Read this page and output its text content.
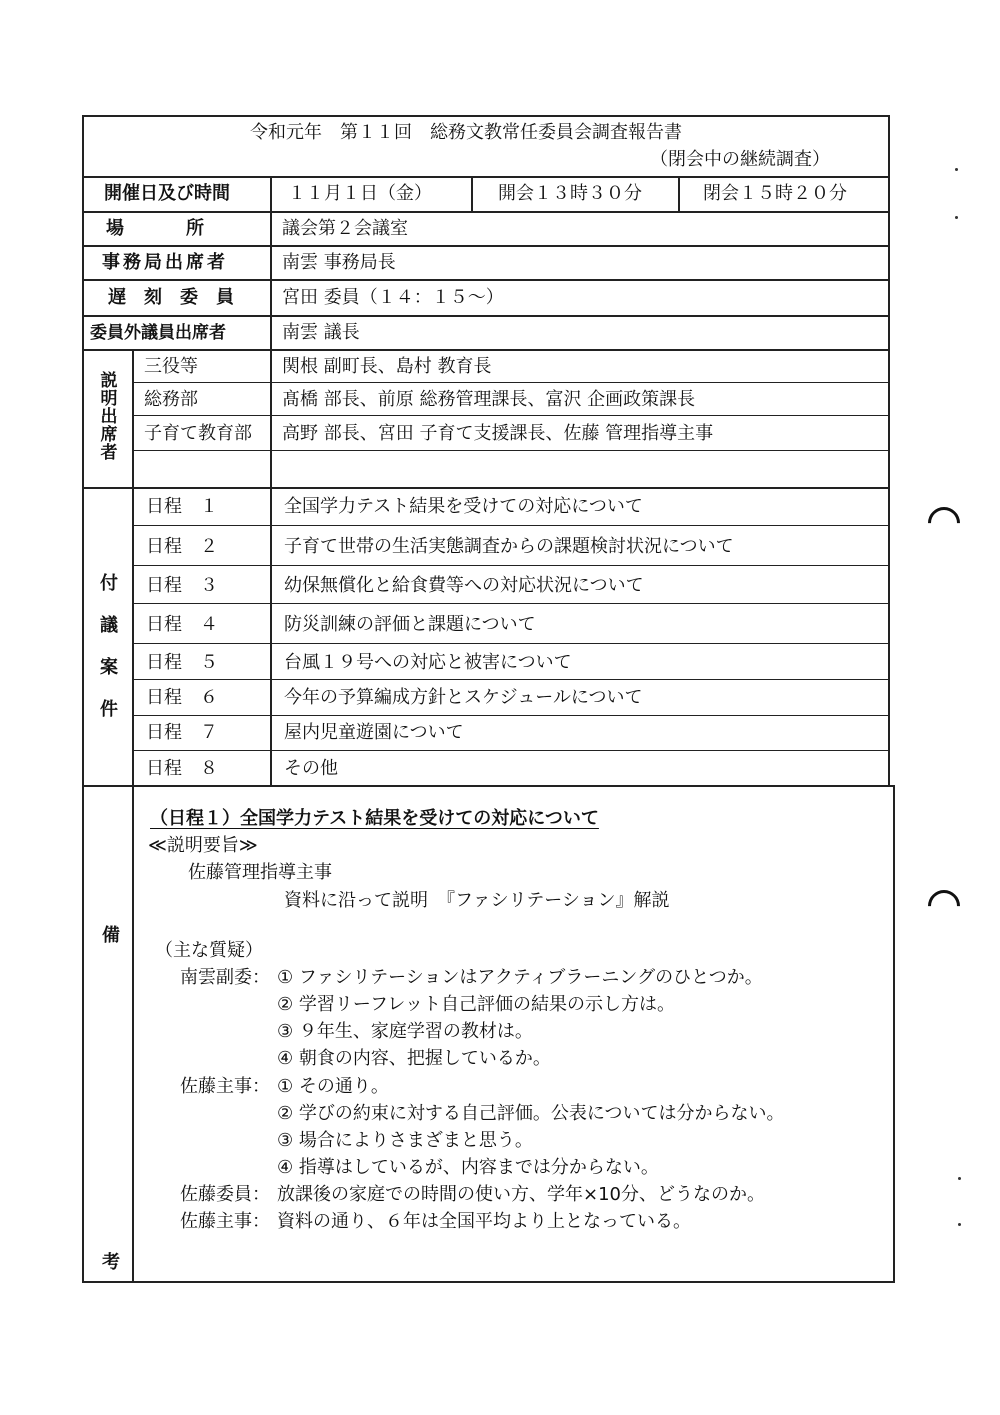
令和元年　第１１回　総務文教常任委員会調査報告書
（閉会中の継続調査）
開催日及び時間	１１月１日（金）	開会１３時３０分	閉会１５時２０分
場　　　所	議会第２会議室
事務局出席者	南雲 事務局長
遅　刻　委　員	宮田 委員（１４：１５～）
委員外議員出席者	南雲 議長
説明出席者
三役等	関根 副町長、島村 教育長
総務部	髙橋 部長、前原 総務管理課長、富沢 企画政策課長
子育て教育部 高野 部長、宮田 子育て支援課長、佐藤 管理指導主事
付議案件
日程　１	全国学力テスト結果を受けての対応について
日程　２	子育て世帯の生活実態調査からの課題検討状況について
日程　３	幼保無償化と給食費等への対応状況について
日程　４	防災訓練の評価と課題について
日程　５	台風１９号への対応と被害について
日程　６	今年の予算編成方針とスケジュールについて
日程　７	屋内児童遊園について
日程　８	その他
備
考
（日程１）全国学力テスト結果を受けての対応について
≪説明要旨≫
佐藤管理指導主事
資料に沿って説明　『ファシリテーション』解説
（主な質疑）
南雲副委： ① ファシリテーションはアクティブラーニングのひとつか。
② 学習リーフレット自己評価の結果の示し方は。
③ ９年生、家庭学習の教材は。
④ 朝食の内容、把握しているか。
佐藤主事： ① その通り。
② 学びの約束に対する自己評価。公表については分からない。
③ 場合によりさまざまと思う。
④ 指導はしているが、内容までは分からない。
佐藤委員： 放課後の家庭での時間の使い方、学年×10分、どうなのか。
佐藤主事： 資料の通り、６年は全国平均より上となっている。
